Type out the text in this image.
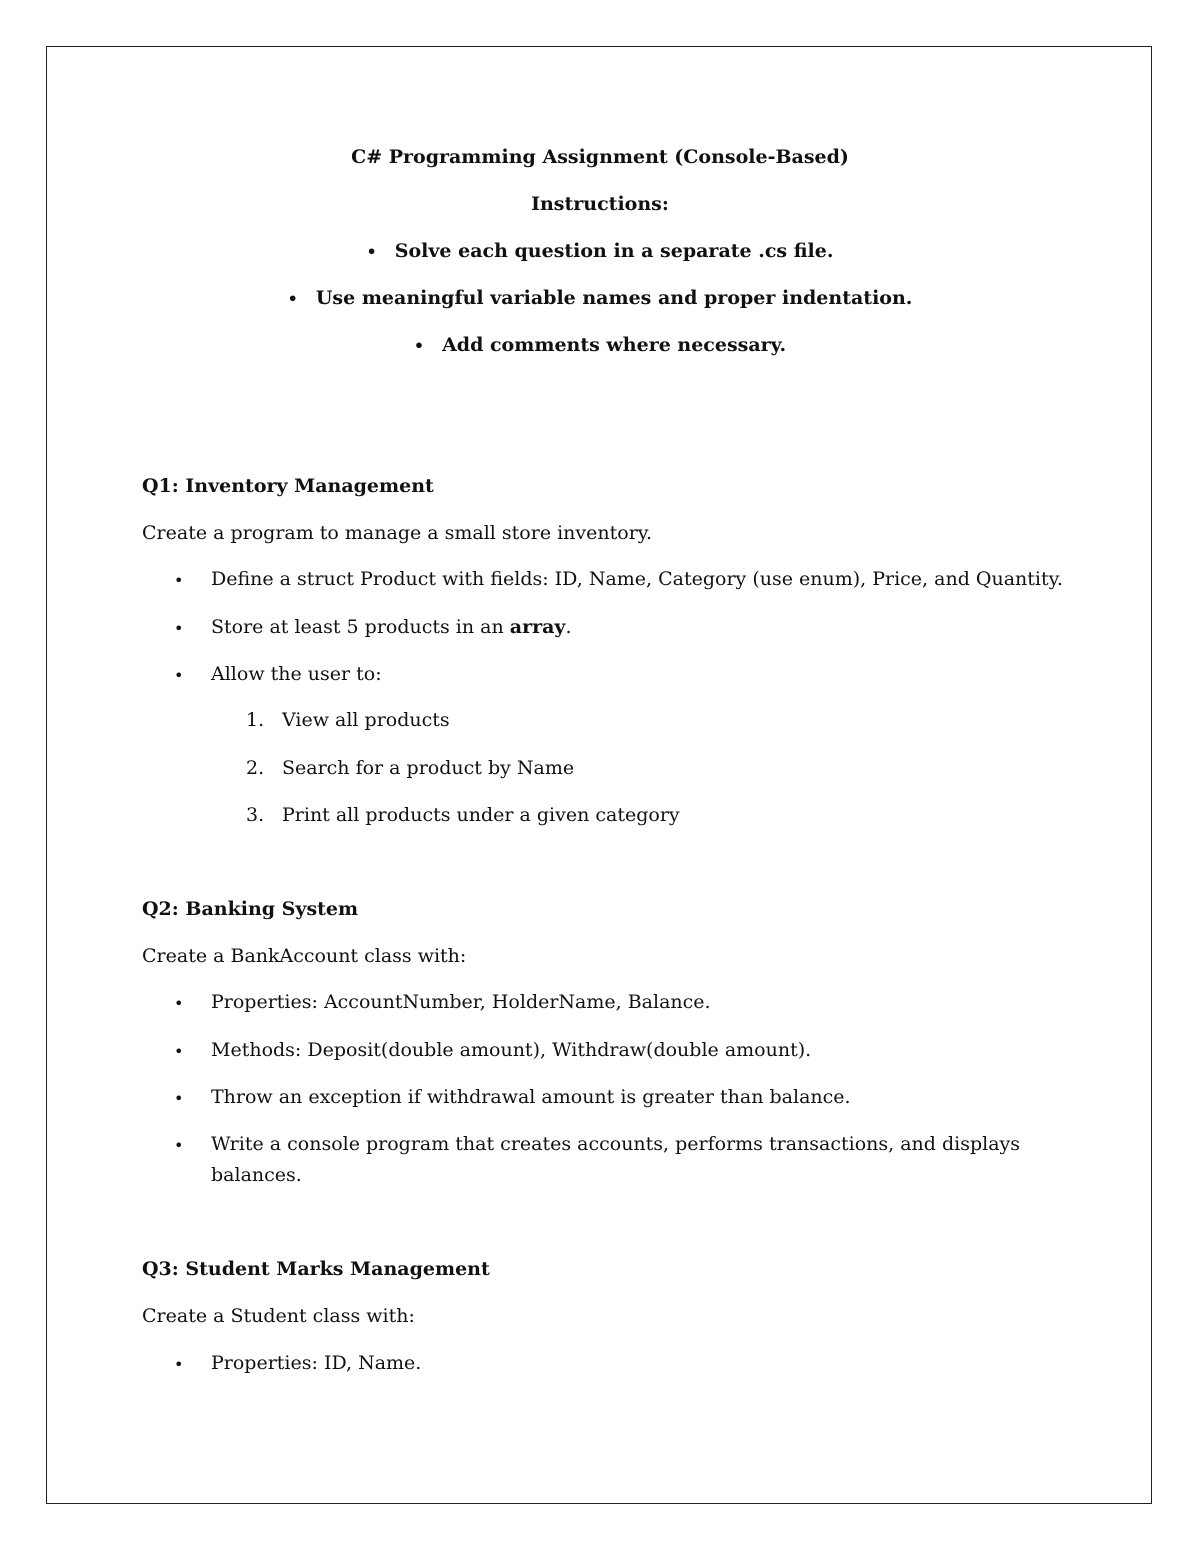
C# Programming Assignment (Console-Based)
Instructions:
• Solve each question in a separate .cs file.
• Use meaningful variable names and proper indentation.
• Add comments where necessary.
Q1: Inventory Management
Create a program to manage a small store inventory.
• Define a struct Product with fields: ID, Name, Category (use enum), Price, and Quantity.
• Store at least 5 products in an array.
• Allow the user to:
1. View all products
2. Search for a product by Name
3. Print all products under a given category
Q2: Banking System
Create a BankAccount class with:
• Properties: AccountNumber, HolderName, Balance.
• Methods: Deposit(double amount), Withdraw(double amount).
• Throw an exception if withdrawal amount is greater than balance.
• Write a console program that creates accounts, performs transactions, and displays
balances.
Q3: Student Marks Management
Create a Student class with:
• Properties: ID, Name.
